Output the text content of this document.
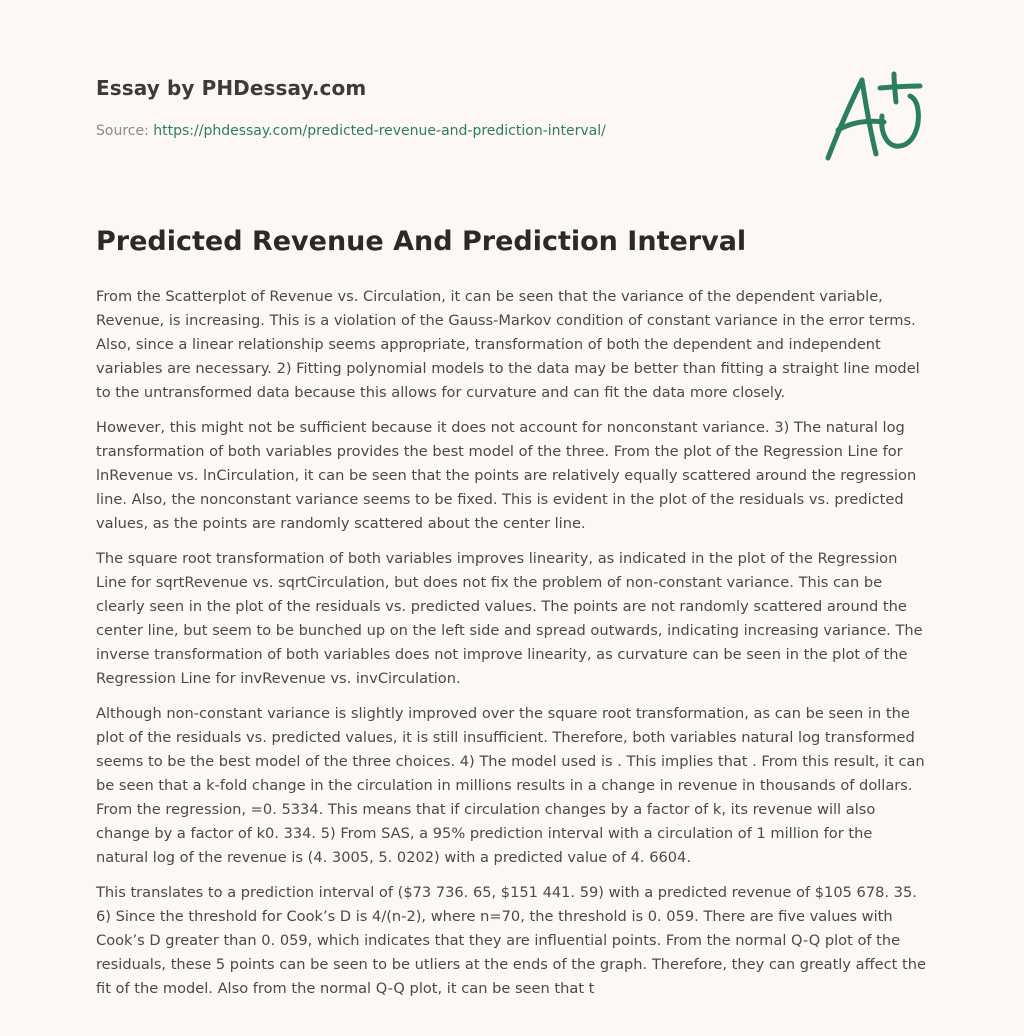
Essay by PHDessay.com
Source: https://phdessay.com/predicted-revenue-and-prediction-interval/
Predicted Revenue And Prediction Interval

From the Scatterplot of Revenue vs. Circulation, it can be seen that the variance of the dependent variable, Revenue, is increasing. This is a violation of the Gauss-Markov condition of constant variance in the error terms. Also, since a linear relationship seems appropriate, transformation of both the dependent and independent variables are necessary. 2) Fitting polynomial models to the data may be better than fitting a straight line model to the untransformed data because this allows for curvature and can fit the data more closely.

However, this might not be sufficient because it does not account for nonconstant variance. 3) The natural log transformation of both variables provides the best model of the three. From the plot of the Regression Line for lnRevenue vs. lnCirculation, it can be seen that the points are relatively equally scattered around the regression line. Also, the nonconstant variance seems to be fixed. This is evident in the plot of the residuals vs. predicted values, as the points are randomly scattered about the center line.

The square root transformation of both variables improves linearity, as indicated in the plot of the Regression Line for sqrtRevenue vs. sqrtCirculation, but does not fix the problem of non-constant variance. This can be clearly seen in the plot of the residuals vs. predicted values. The points are not randomly scattered around the center line, but seem to be bunched up on the left side and spread outwards, indicating increasing variance. The inverse transformation of both variables does not improve linearity, as curvature can be seen in the plot of the Regression Line for invRevenue vs. invCirculation.

Although non-constant variance is slightly improved over the square root transformation, as can be seen in the plot of the residuals vs. predicted values, it is still insufficient. Therefore, both variables natural log transformed seems to be the best model of the three choices. 4) The model used is . This implies that . From this result, it can be seen that a k-fold change in the circulation in millions results in a change in revenue in thousands of dollars. From the regression, =0. 5334. This means that if circulation changes by a factor of k, its revenue will also change by a factor of k0. 334. 5) From SAS, a 95% prediction interval with a circulation of 1 million for the natural log of the revenue is (4. 3005, 5. 0202) with a predicted value of 4. 6604.

This translates to a prediction interval of ($73 736. 65, $151 441. 59) with a predicted revenue of $105 678. 35. 6) Since the threshold for Cook’s D is 4/(n-2), where n=70, the threshold is 0. 059. There are five values with Cook’s D greater than 0. 059, which indicates that they are influential points. From the normal Q-Q plot of the residuals, these 5 points can be seen to be utliers at the ends of the graph. Therefore, they can greatly affect the fit of the model. Also from the normal Q-Q plot, it can be seen that t
